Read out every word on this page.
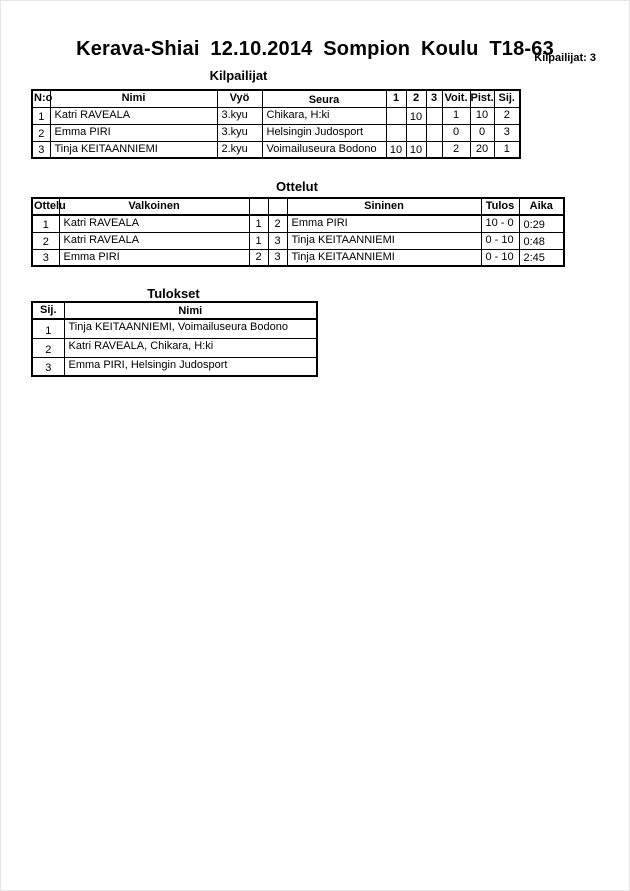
Kerava-Shiai 12.10.2014 Sompion Koulu T18-63
Kilpailijat: 3
Kilpailijat
N:o	Nimi	Vyö	Seura	1	2	3	Voit.	Pist.	Sij.
1	Katri RAVEALA	3.kyu	Chikara, H:ki		10		1	10	2
2	Emma PIRI	3.kyu	Helsingin Judosport				0	0	3
3	Tinja KEITAANNIEMI	2.kyu	Voimailuseura Bodono	10	10		2	20	1
Ottelut
Ottelu	Valkoinen			Sininen	Tulos	Aika
1	Katri RAVEALA	1	2	Emma PIRI	10 - 0	0:29
2	Katri RAVEALA	1	3	Tinja KEITAANNIEMI	0 - 10	0:48
3	Emma PIRI	2	3	Tinja KEITAANNIEMI	0 - 10	2:45
Tulokset
Sij.	Nimi
1	Tinja KEITAANNIEMI, Voimailuseura Bodono
2	Katri RAVEALA, Chikara, H:ki
3	Emma PIRI, Helsingin Judosport
